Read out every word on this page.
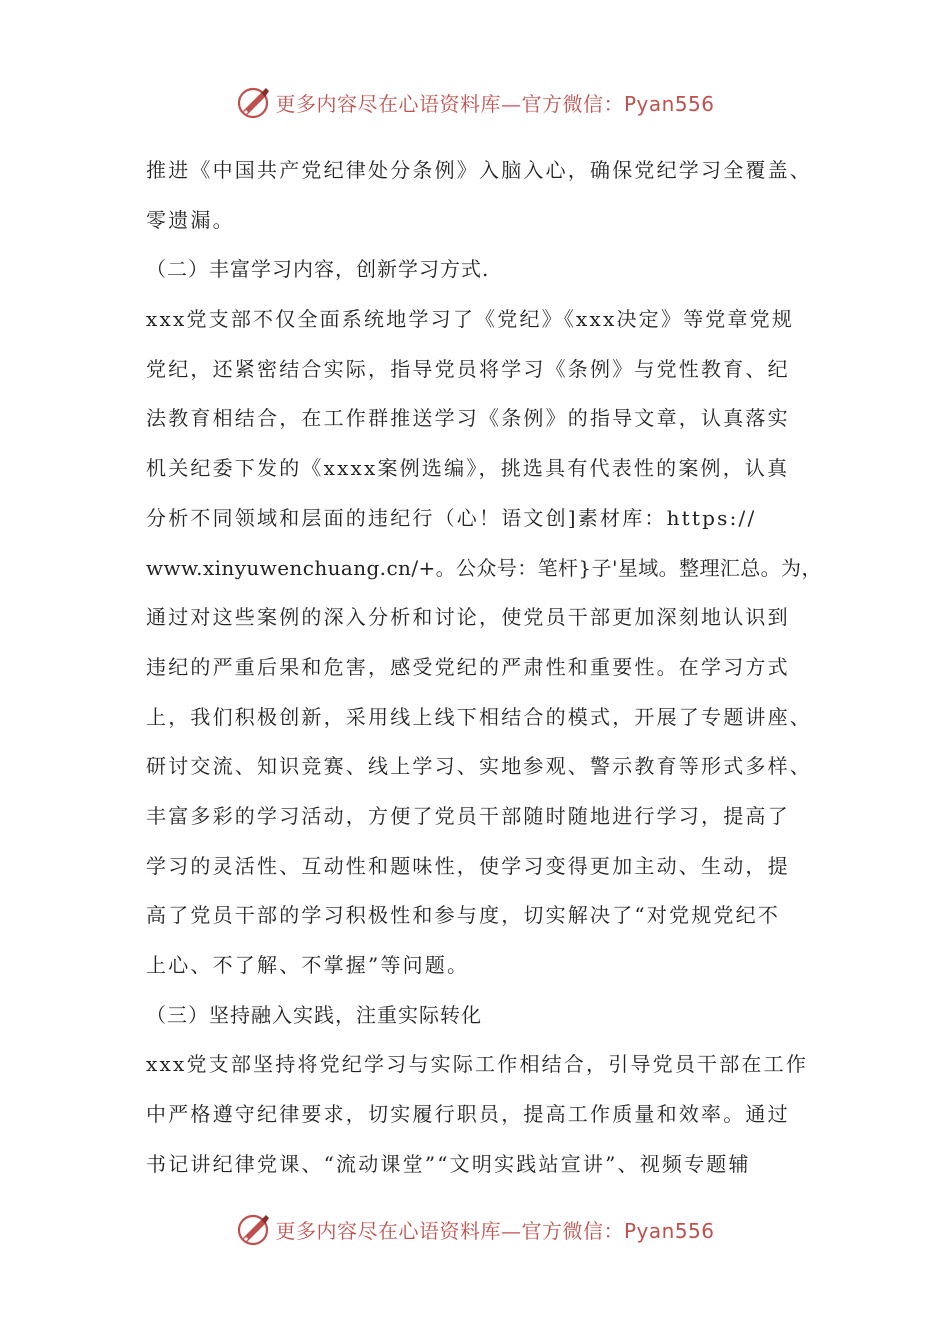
更多内容尽在心语资料库—官方微信：Pyan556
推进《中国共产党纪律处分条例》入脑入心，确保党纪学习全覆盖、
零遗漏。
（二）丰富学习内容，创新学习方式.
xxx党支部不仅全面系统地学习了《党纪》《xxx决定》等党章党规
党纪，还紧密结合实际，指导党员将学习《条例》与党性教育、纪
法教育相结合，在工作群推送学习《条例》的指导文章，认真落实
机关纪委下发的《xxxx案例选编》，挑选具有代表性的案例，认真
分析不同领域和层面的违纪行（心！语文创]素材库：https://
www.xinyuwenchuang.cn/+。公众号：笔杆}子'星域。整理汇总。为，
通过对这些案例的深入分析和讨论，使党员干部更加深刻地认识到
违纪的严重后果和危害，感受党纪的严肃性和重要性。在学习方式
上，我们积极创新，采用线上线下相结合的模式，开展了专题讲座、
研讨交流、知识竞赛、线上学习、实地参观、警示教育等形式多样、
丰富多彩的学习活动，方便了党员干部随时随地进行学习，提高了
学习的灵活性、互动性和题味性，使学习变得更加主动、生动，提
高了党员干部的学习积极性和参与度，切实解决了“对党规党纪不
上心、不了解、不掌握”等问题。
（三）坚持融入实践，注重实际转化
xxx党支部坚持将党纪学习与实际工作相结合，引导党员干部在工作
中严格遵守纪律要求，切实履行职员，提高工作质量和效率。通过
书记讲纪律党课、“流动课堂”“文明实践站宣讲”、视频专题辅
更多内容尽在心语资料库—官方微信：Pyan556
